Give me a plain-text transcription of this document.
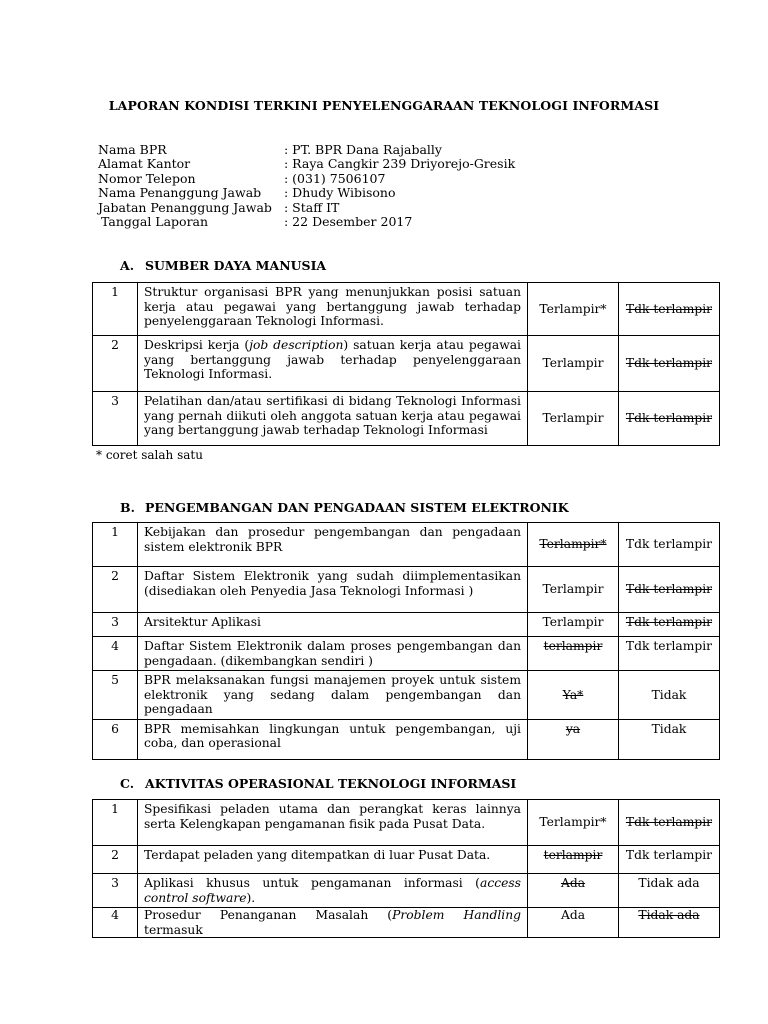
LAPORAN KONDISI TERKINI PENYELENGGARAAN TEKNOLOGI INFORMASI
Nama BPR	: PT. BPR Dana Rajabally
Alamat Kantor	: Raya Cangkir 239 Driyorejo-Gresik
Nomor Telepon	: (031) 7506107
Nama Penanggung Jawab	: Dhudy Wibisono
Jabatan Penanggung Jawab : Staff IT
Tanggal Laporan	: 22 Desember 2017
A. SUMBER DAYA MANUSIA
1	Struktur organisasi BPR yang menunjukkan posisi satuan kerja atau pegawai yang bertanggung jawab terhadap penyelenggaraan Teknologi Informasi.	Terlampir*	Tdk terlampir
2	Deskripsi kerja (job description) satuan kerja atau pegawai yang bertanggung jawab terhadap penyelenggaraan Teknologi Informasi.	Terlampir	Tdk terlampir
3	Pelatihan dan/atau sertifikasi di bidang Teknologi Informasi yang pernah diikuti oleh anggota satuan kerja atau pegawai yang bertanggung jawab terhadap Teknologi Informasi	Terlampir	Tdk terlampir
* coret salah satu
B. PENGEMBANGAN DAN PENGADAAN SISTEM ELEKTRONIK
1	Kebijakan dan prosedur pengembangan dan pengadaan sistem elektronik BPR	Terlampir*	Tdk terlampir
2	Daftar Sistem Elektronik yang sudah diimplementasikan (disediakan oleh Penyedia Jasa Teknologi Informasi )	Terlampir	Tdk terlampir
3	Arsitektur Aplikasi	Terlampir	Tdk terlampir
4	Daftar Sistem Elektronik dalam proses pengembangan dan pengadaan. (dikembangkan sendiri )	terlampir	Tdk terlampir
5	BPR melaksanakan fungsi manajemen proyek untuk sistem elektronik yang sedang dalam pengembangan dan pengadaan	Ya*	Tidak
6	BPR memisahkan lingkungan untuk pengembangan, uji coba, dan operasional	ya	Tidak
C. AKTIVITAS OPERASIONAL TEKNOLOGI INFORMASI
1	Spesifikasi peladen utama dan perangkat keras lainnya serta Kelengkapan pengamanan fisik pada Pusat Data.	Terlampir*	Tdk terlampir
2	Terdapat peladen yang ditempatkan di luar Pusat Data.	terlampir	Tdk terlampir
3	Aplikasi khusus untuk pengamanan informasi (access control software).	Ada	Tidak ada
4	Prosedur Penanganan Masalah (Problem Handling termasuk	Ada	Tidak ada
